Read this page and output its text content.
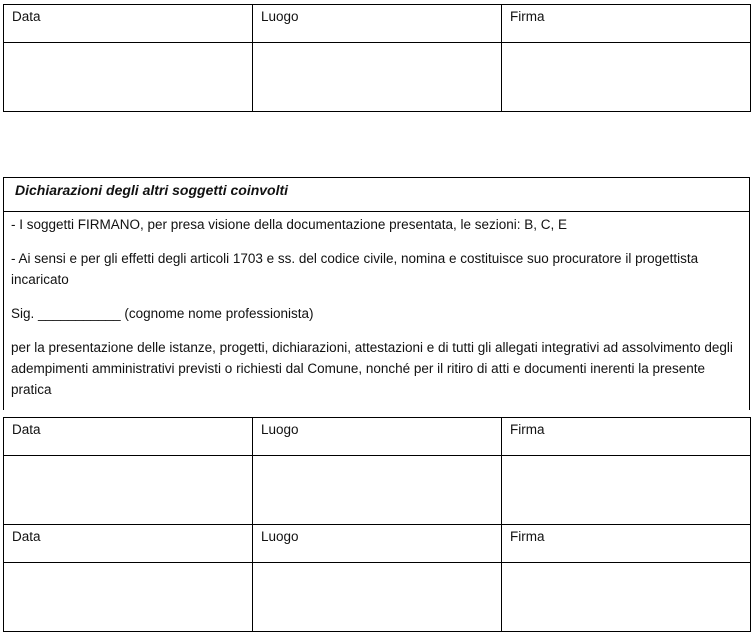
Data	Luogo	Firma

Dichiarazioni degli altri soggetti coinvolti

- I soggetti FIRMANO, per presa visione della documentazione presentata, le sezioni: B, C, E

- Ai sensi e per gli effetti degli articoli 1703 e ss. del codice civile, nomina e costituisce suo procuratore il progettista incaricato

Sig. ___________ (cognome nome professionista)

per la presentazione delle istanze, progetti, dichiarazioni, attestazioni e di tutti gli allegati integrativi ad assolvimento degli adempimenti amministrativi previsti o richiesti dal Comune, nonché per il ritiro di atti e documenti inerenti la presente pratica

Data	Luogo	Firma

Data	Luogo	Firma
